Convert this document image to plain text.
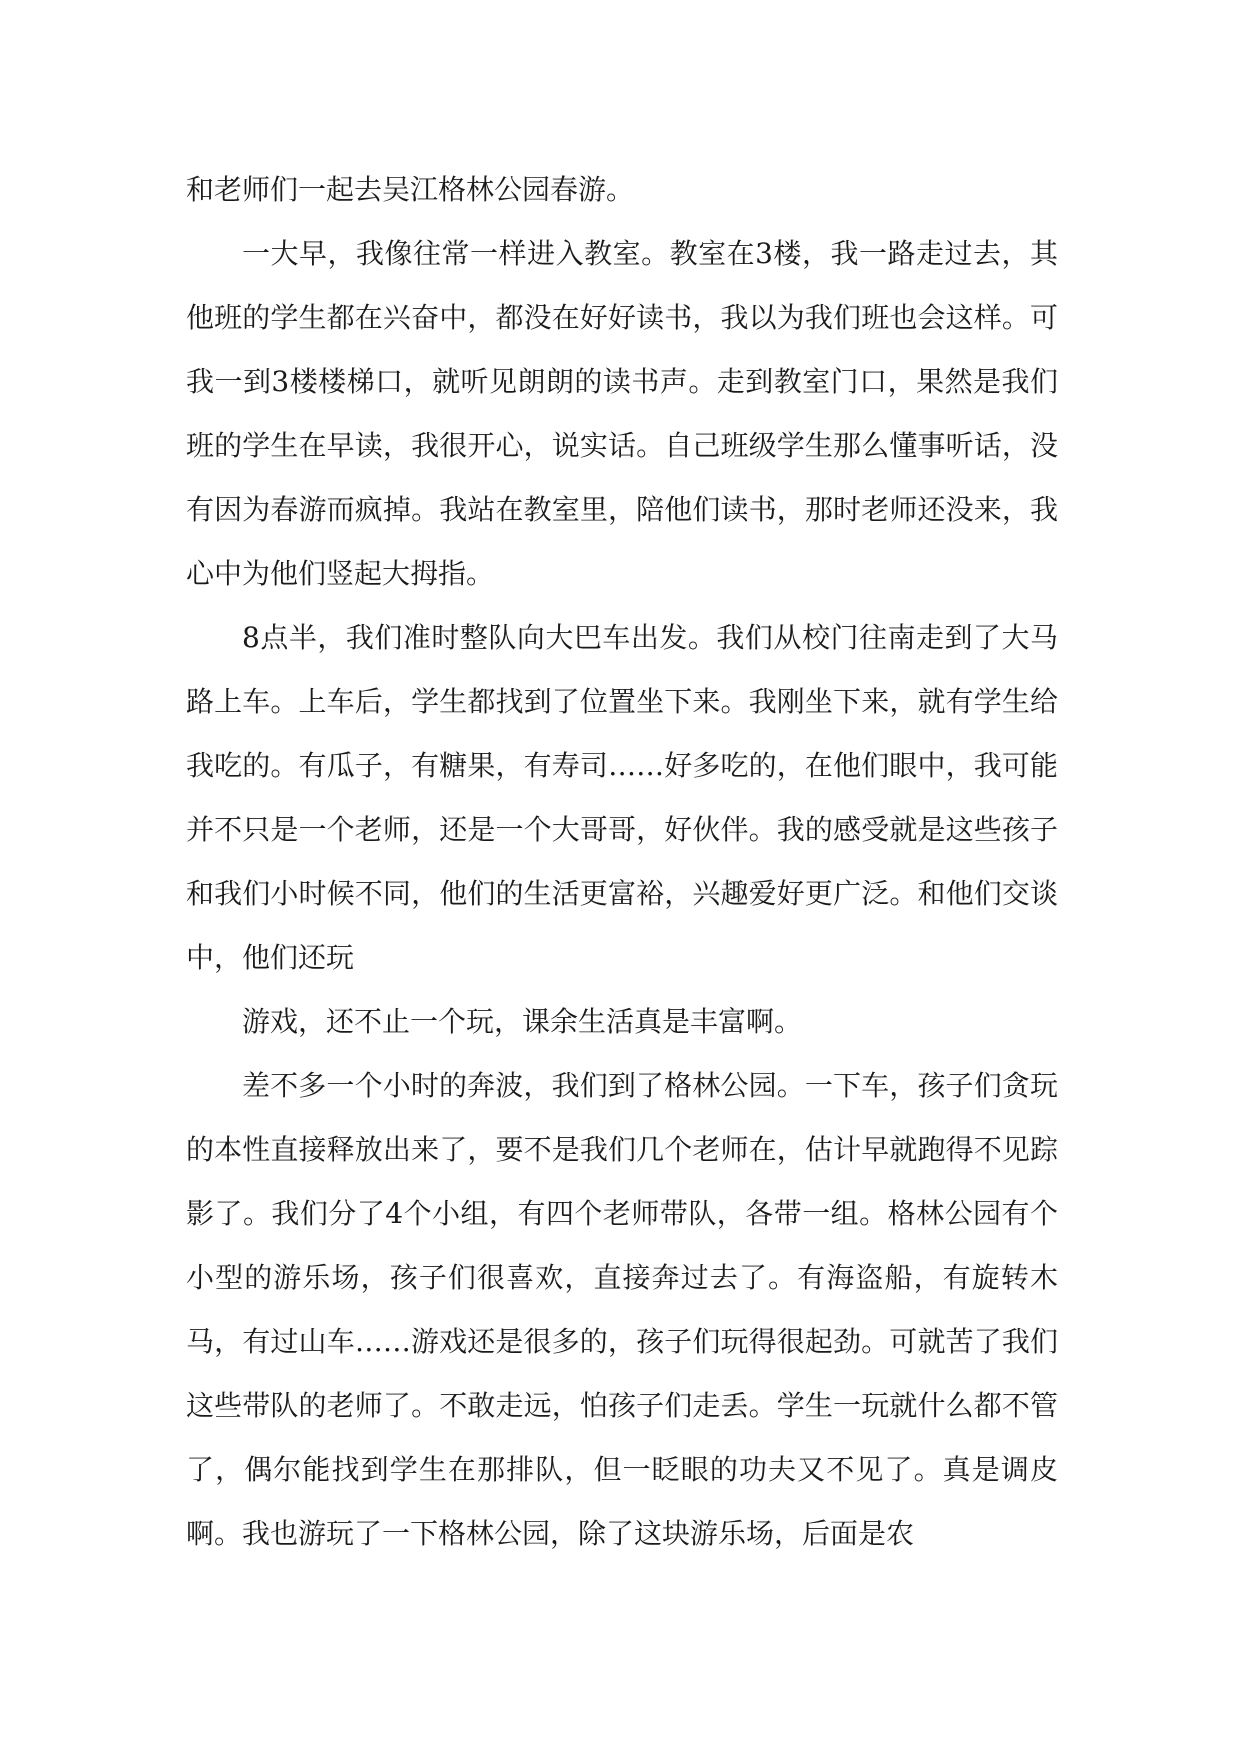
和老师们一起去吴江格林公园春游。

一大早，我像往常一样进入教室。教室在3楼，我一路走过去，其他班的学生都在兴奋中，都没在好好读书，我以为我们班也会这样。可我一到3楼楼梯口，就听见朗朗的读书声。走到教室门口，果然是我们班的学生在早读，我很开心，说实话。自己班级学生那么懂事听话，没有因为春游而疯掉。我站在教室里，陪他们读书，那时老师还没来，我心中为他们竖起大拇指。

8点半，我们准时整队向大巴车出发。我们从校门往南走到了大马路上车。上车后，学生都找到了位置坐下来。我刚坐下来，就有学生给我吃的。有瓜子，有糖果，有寿司……好多吃的，在他们眼中，我可能并不只是一个老师，还是一个大哥哥，好伙伴。我的感受就是这些孩子和我们小时候不同，他们的生活更富裕，兴趣爱好更广泛。和他们交谈中，他们还玩

游戏，还不止一个玩，课余生活真是丰富啊。

差不多一个小时的奔波，我们到了格林公园。一下车，孩子们贪玩的本性直接释放出来了，要不是我们几个老师在，估计早就跑得不见踪影了。我们分了4个小组，有四个老师带队，各带一组。格林公园有个小型的游乐场，孩子们很喜欢，直接奔过去了。有海盗船，有旋转木马，有过山车……游戏还是很多的，孩子们玩得很起劲。可就苦了我们这些带队的老师了。不敢走远，怕孩子们走丢。学生一玩就什么都不管了，偶尔能找到学生在那排队，但一眨眼的功夫又不见了。真是调皮啊。我也游玩了一下格林公园，除了这块游乐场，后面是农
